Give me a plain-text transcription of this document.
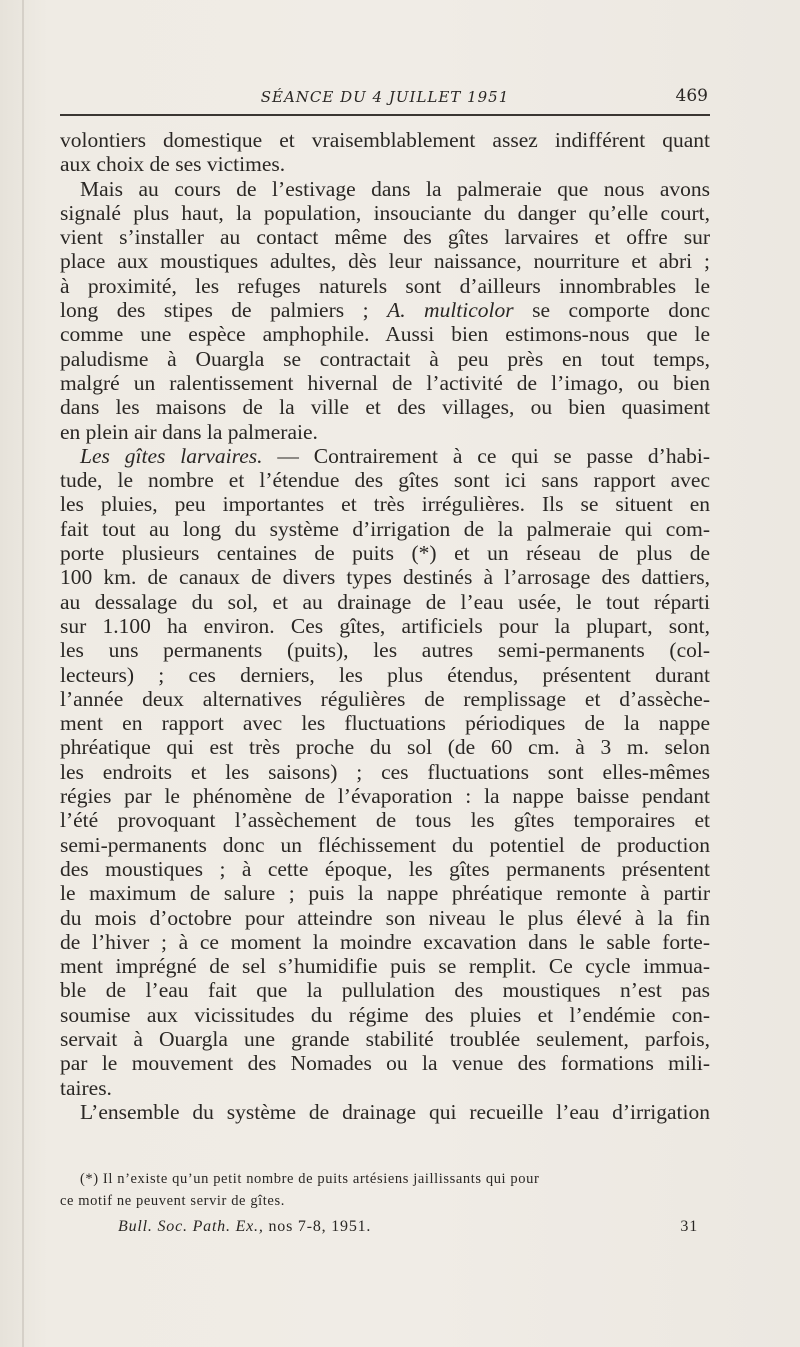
SÉANCE DU 4 JUILLET 1951	469
volontiers domestique et vraisemblablement assez indifférent quant
aux choix de ses victimes.
Mais au cours de l’estivage dans la palmeraie que nous avons
signalé plus haut, la population, insouciante du danger qu’elle court,
vient s’installer au contact même des gîtes larvaires et offre sur
place aux moustiques adultes, dès leur naissance, nourriture et abri ;
à proximité, les refuges naturels sont d’ailleurs innombrables le
long des stipes de palmiers ; A. multicolor se comporte donc
comme une espèce amphophile. Aussi bien estimons-nous que le
paludisme à Ouargla se contractait à peu près en tout temps,
malgré un ralentissement hivernal de l’activité de l’imago, ou bien
dans les maisons de la ville et des villages, ou bien quasiment
en plein air dans la palmeraie.
Les gîtes larvaires. — Contrairement à ce qui se passe d’habi-
tude, le nombre et l’étendue des gîtes sont ici sans rapport avec
les pluies, peu importantes et très irrégulières. Ils se situent en
fait tout au long du système d’irrigation de la palmeraie qui com-
porte plusieurs centaines de puits (*) et un réseau de plus de
100 km. de canaux de divers types destinés à l’arrosage des dattiers,
au dessalage du sol, et au drainage de l’eau usée, le tout réparti
sur 1.100 ha environ. Ces gîtes, artificiels pour la plupart, sont,
les uns permanents (puits), les autres semi-permanents (col-
lecteurs) ; ces derniers, les plus étendus, présentent durant
l’année deux alternatives régulières de remplissage et d’assèche-
ment en rapport avec les fluctuations périodiques de la nappe
phréatique qui est très proche du sol (de 60 cm. à 3 m. selon
les endroits et les saisons) ; ces fluctuations sont elles-mêmes
régies par le phénomène de l’évaporation : la nappe baisse pendant
l’été provoquant l’assèchement de tous les gîtes temporaires et
semi-permanents donc un fléchissement du potentiel de production
des moustiques ; à cette époque, les gîtes permanents présentent
le maximum de salure ; puis la nappe phréatique remonte à partir
du mois d’octobre pour atteindre son niveau le plus élevé à la fin
de l’hiver ; à ce moment la moindre excavation dans le sable forte-
ment imprégné de sel s’humidifie puis se remplit. Ce cycle immua-
ble de l’eau fait que la pullulation des moustiques n’est pas
soumise aux vicissitudes du régime des pluies et l’endémie con-
servait à Ouargla une grande stabilité troublée seulement, parfois,
par le mouvement des Nomades ou la venue des formations mili-
taires.
L’ensemble du système de drainage qui recueille l’eau d’irrigation
(*) Il n’existe qu’un petit nombre de puits artésiens jaillissants qui pour
ce motif ne peuvent servir de gîtes.
Bull. Soc. Path. Ex., nos 7-8, 1951.	31
